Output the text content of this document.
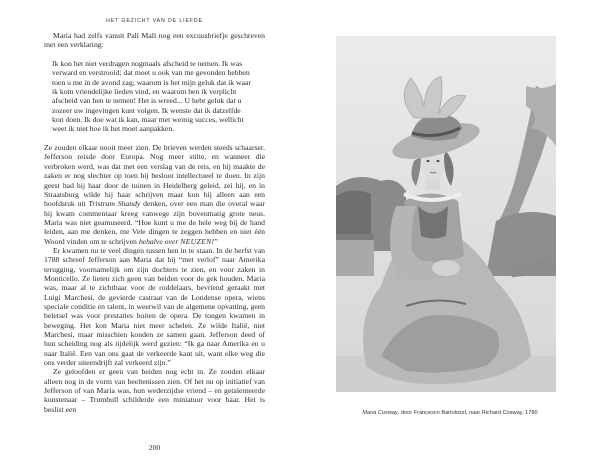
HET GEZICHT VAN DE LIEFDE

Maria had zelfs vanuit Pall Mall nog een excuusbriefje geschreven met een verklaring:

Ik kon het niet verdragen nogmaals afscheid te nemen. Ik was verward en verstrooid; dat moet u ook van me gevonden hebben toen u me in de avond zag; waarom is het mijn geluk dat ik waar ik kom vriendelijke lieden vind, en waarom ben ik verplicht afscheid van hen te nemen! Het is wreed... U hebt geluk dat u zozeer uw ingevingen kunt volgen. Ik wenste dat ik datzelfde kon doen. Ik doe wat ik kan, maar met weinig succes, wellicht weet ik niet hoe ik het moet aanpakken.

Ze zouden elkaar nooit meer zien. De brieven werden steeds schaarser. Jefferson reisde door Europa. Nog meer stilte, en wanneer die verbroken werd, was dat met een verslag van de reis, en hij maakte de zaken er nog slechter op toen hij besloot intellectueel te doen. In zijn geest had hij haar door de tuinen in Heidelberg geleid, zei hij, en in Straatsburg wilde hij haar schrijven maar kon hij alleen aan een hoofdstuk uit Tristram Shandy denken, over een man die overal waar hij kwam commentaar kreeg vanwege zijn bovenmatig grote neus. Maria was niet geamuseerd. “Hoe kunt u me de hele weg bij de hand leiden, aan me denken, me Vele dingen te zeggen hebben en niet één Woord vinden om te schrijven behalve over NEUZEN!”

Er kwamen nu te veel dingen tussen hen in te staan. In de herfst van 1788 schreef Jefferson aan Maria dat hij “met verlof” naar Amerika terugging, voornamelijk om zijn dochters te zien, en voor zaken in Monticello. Ze lieten zich geen van beiden voor de gek houden. Maria was, maar al te zichtbaar voor de roddelaars, bevriend geraakt met Luigi Marchesi, de gevierde castraat van de Londense opera, wiens speciale conditie en talent, in weerwil van de algemene opvatting, geen beletsel was voor prestaties buiten de opera. De tongen kwamen in beweging. Het kon Maria niet meer schelen. Ze wilde Italië, niet Marchesi, maar misschien konden ze samen gaan. Jefferson deed of hun scheiding nog als tijdelijk werd gezien: “Ik ga naar Amerika en u naar Italië. Een van ons gaat de verkeerde kant uit, want elke weg die ons verder uiteendrijft zal verkeerd zijn.”

Ze geloofden er geen van beiden nog echt in. Ze zouden elkaar alleen nog in de vorm van beeltenissen zien. Of het nu op initiatief van Jefferson of van Maria was, hun wederzijdse vriend – en getalenteerde kunstenaar – Trumbull schilderde een miniatuur voor haar. Het is beslist een

200
Maria Cosway, door Francesco Bartolozzi, naar Richard Cosway, 1780
